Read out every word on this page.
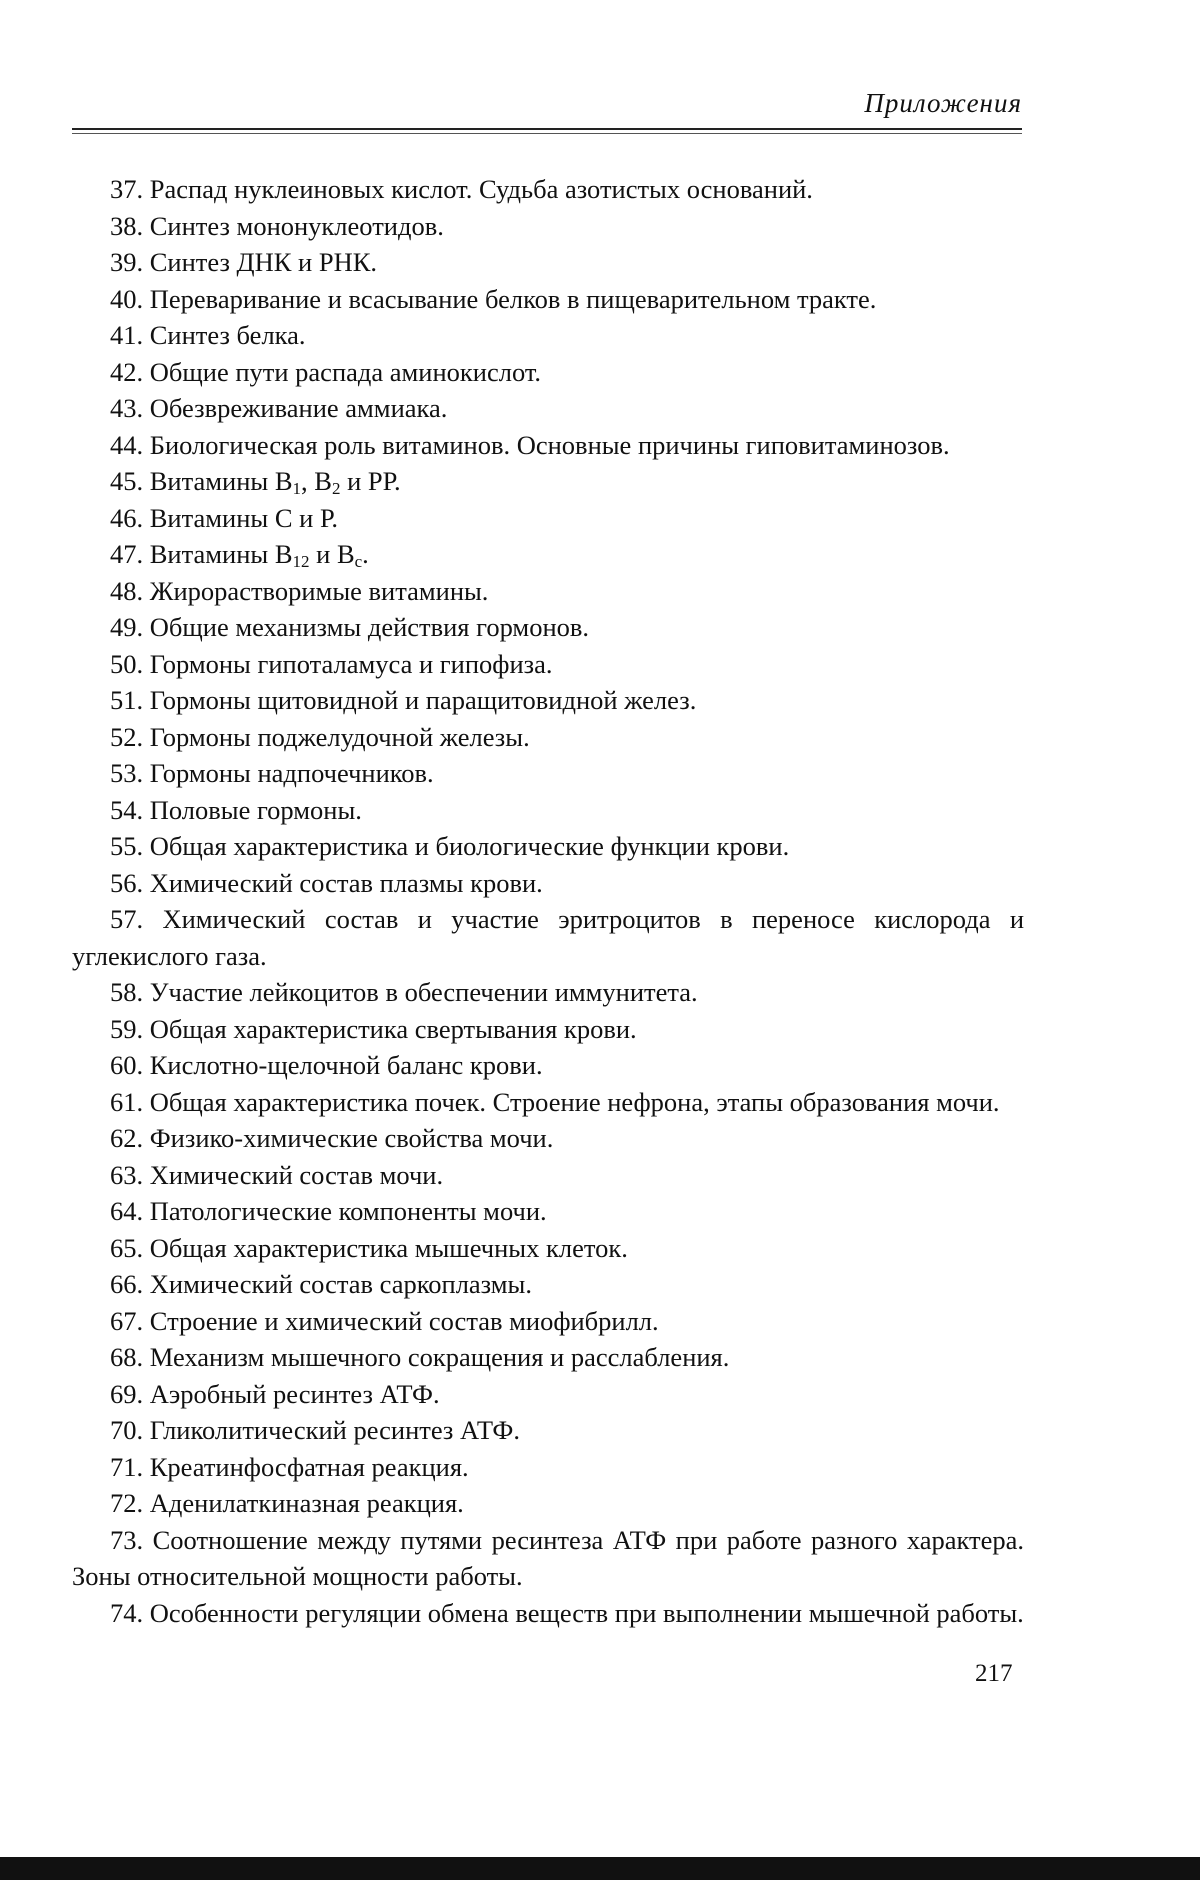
Приложения

37. Распад нуклеиновых кислот. Судьба азотистых оснований.

38. Синтез мононуклеотидов.

39. Синтез ДНК и РНК.

40. Переваривание и всасывание белков в пищеварительном тракте.

41. Синтез белка.

42. Общие пути распада аминокислот.

43. Обезвреживание аммиака.

44. Биологическая роль витаминов. Основные причины гиповитаминозов.

45. Витамины $В_1$, $В_2$ и РР.

46. Витамины С и Р.

47. Витамины $В_{12}$ и $В_с$.

48. Жирорастворимые витамины.

49. Общие механизмы действия гормонов.

50. Гормоны гипоталамуса и гипофиза.

51. Гормоны щитовидной и паращитовидной желез.

52. Гормоны поджелудочной железы.

53. Гормоны надпочечников.

54. Половые гормоны.

55. Общая характеристика и биологические функции крови.

56. Химический состав плазмы крови.

57. Химический состав и участие эритроцитов в переносе кислорода и углекислого газа.

58. Участие лейкоцитов в обеспечении иммунитета.

59. Общая характеристика свертывания крови.

60. Кислотно-щелочной баланс крови.

61. Общая характеристика почек. Строение нефрона, этапы образования мочи.

62. Физико-химические свойства мочи.

63. Химический состав мочи.

64. Патологические компоненты мочи.

65. Общая характеристика мышечных клеток.

66. Химический состав саркоплазмы.

67. Строение и химический состав миофибрилл.

68. Механизм мышечного сокращения и расслабления.

69. Аэробный ресинтез АТФ.

70. Гликолитический ресинтез АТФ.

71. Креатинфосфатная реакция.

72. Аденилаткиназная реакция.

73. Соотношение между путями ресинтеза АТФ при работе разного характера. Зоны относительной мощности работы.

74. Особенности регуляции обмена веществ при выполнении мышечной работы.

217
